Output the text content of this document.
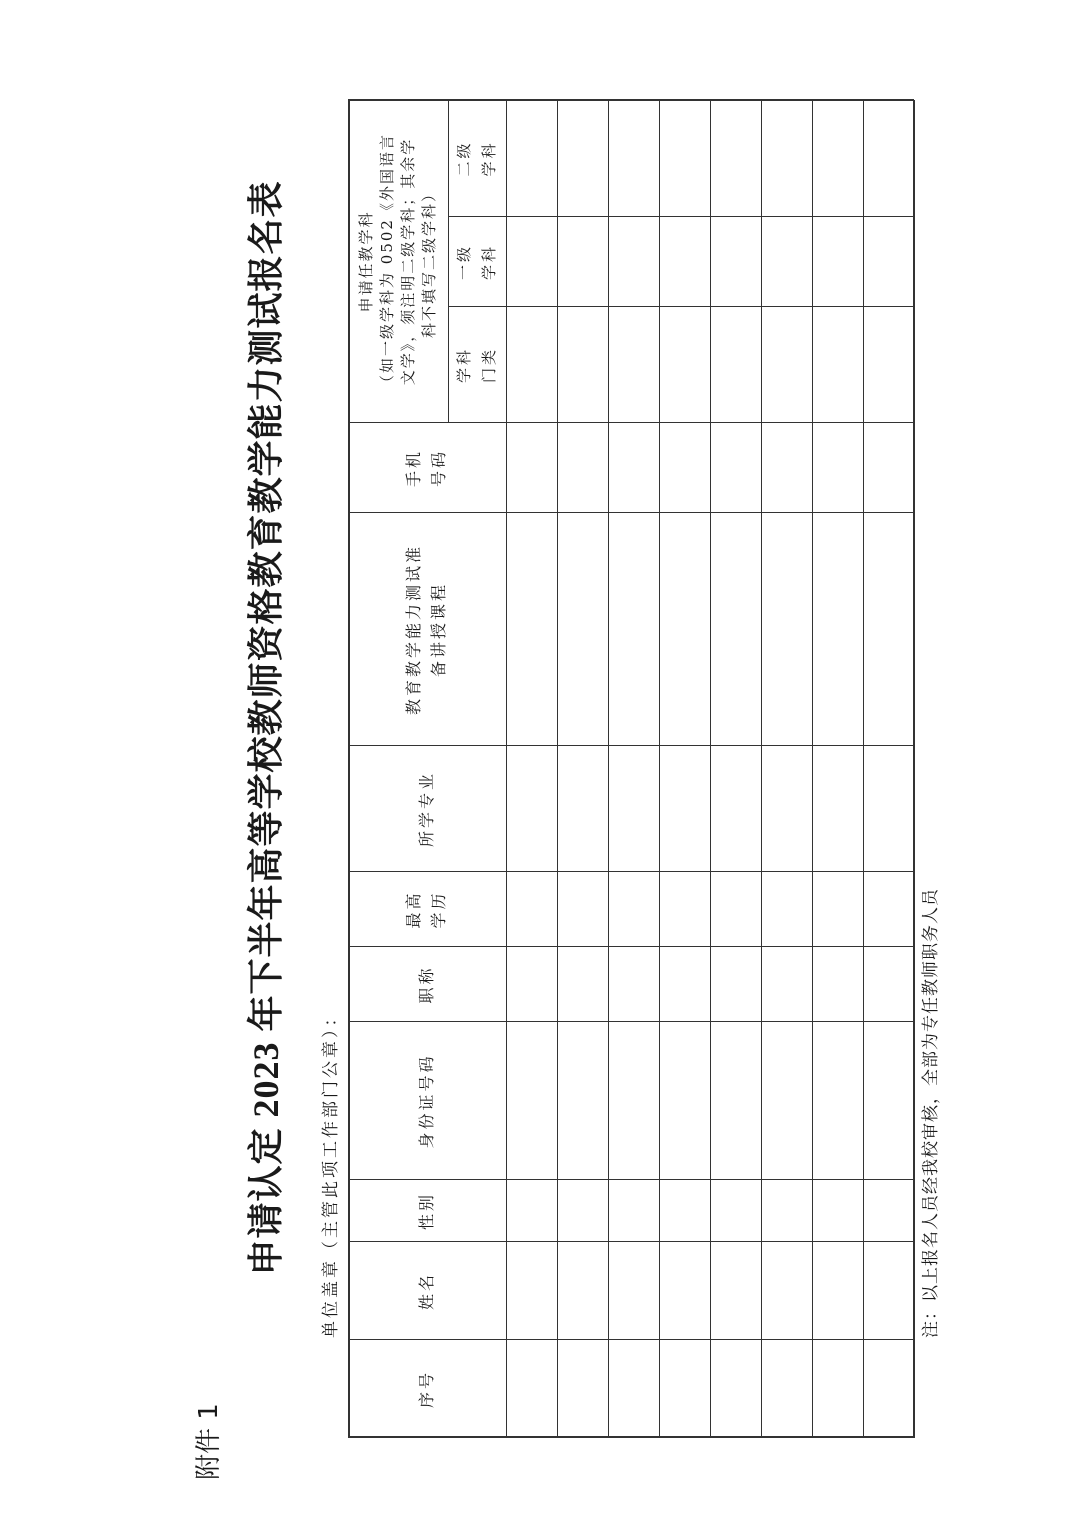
附件 1
申请认定 2023 年下半年高等学校教师资格教育教学能力测试报名表 单位盖章（主管此项工作部门公章）：
序号
姓名
性别
身份证号码
职称
最高 学历
所学专业
教育教学能力测试准 备讲授课程
手机 号码
申请任教学科 （如一级学科为 0502《外国语言 文学》，须注明二级学科；其余学 科不填写二级学科）
学科 门类
一级 学科
二级 学科
注：以上报名人员经我校审核，全部为专任教师职务人员
